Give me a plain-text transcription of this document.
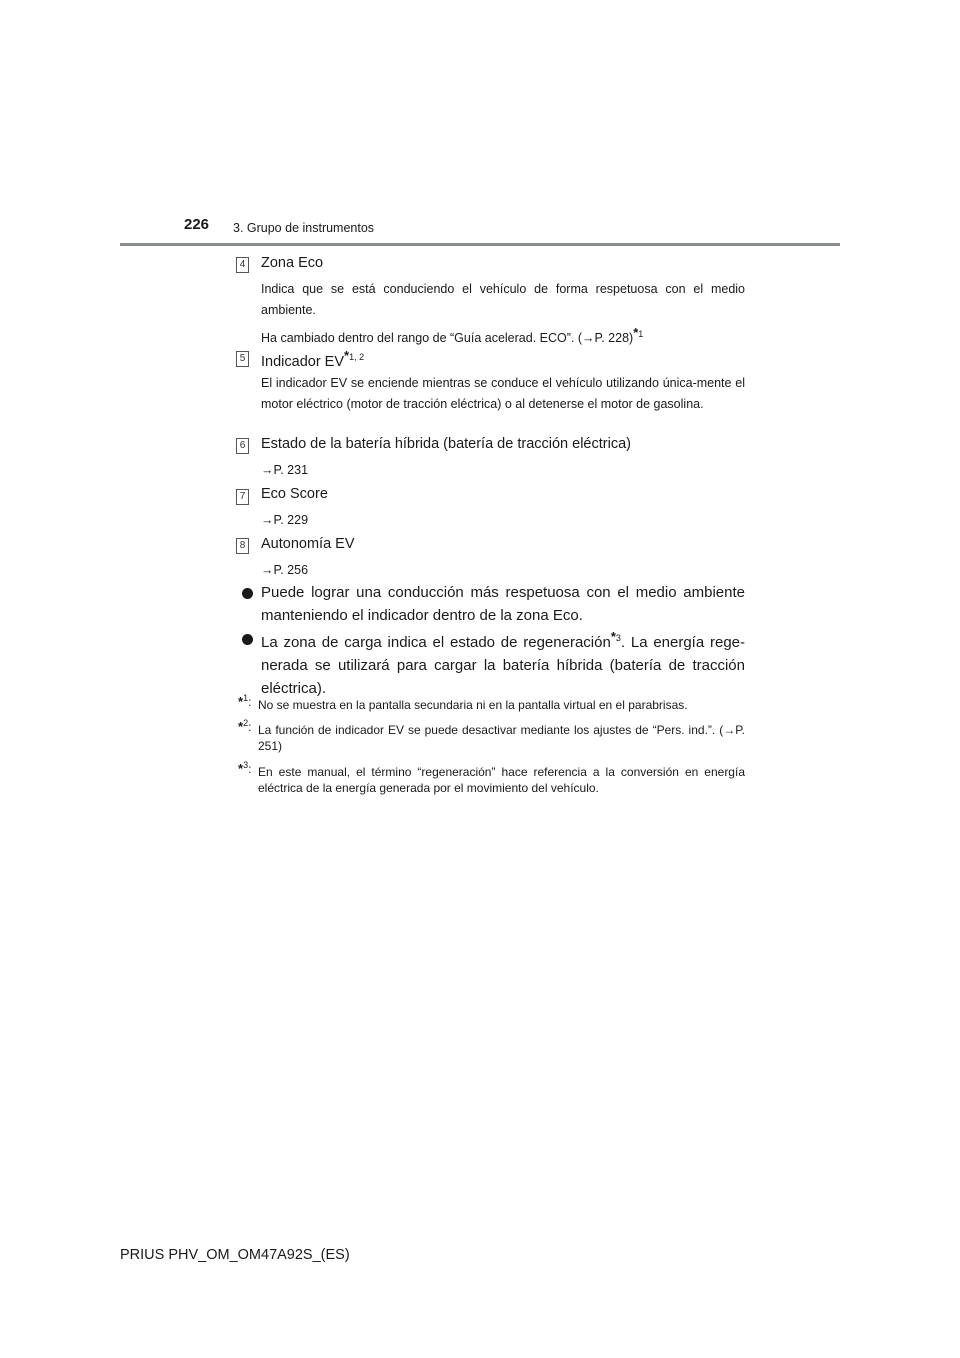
226 3. Grupo de instrumentos
4 Zona Eco
Indica que se está conduciendo el vehículo de forma respetuosa con el medio ambiente.
Ha cambiado dentro del rango de “Guía acelerad. ECO”. (→P. 228)$^{*1}$
5 Indicador EV$^{*1, 2}$
El indicador EV se enciende mientras se conduce el vehículo utilizando única-mente el motor eléctrico (motor de tracción eléctrica) o al detenerse el motor de gasolina.
6 Estado de la batería híbrida (batería de tracción eléctrica)
→P. 231
7 Eco Score
→P. 229
8 Autonomía EV
→P. 256
Puede lograr una conducción más respetuosa con el medio ambiente manteniendo el indicador dentro de la zona Eco.
La zona de carga indica el estado de regeneración$^{*3}$. La energía rege-nerada se utilizará para cargar la batería híbrida (batería de tracción eléctrica).
*$^1$: No se muestra en la pantalla secundaria ni en la pantalla virtual en el parabrisas.
*$^2$: La función de indicador EV se puede desactivar mediante los ajustes de “Pers. ind.”. (→P. 251)
*$^3$: En este manual, el término “regeneración” hace referencia a la conversión en energía eléctrica de la energía generada por el movimiento del vehículo.
PRIUS PHV_OM_OM47A92S_(ES)
